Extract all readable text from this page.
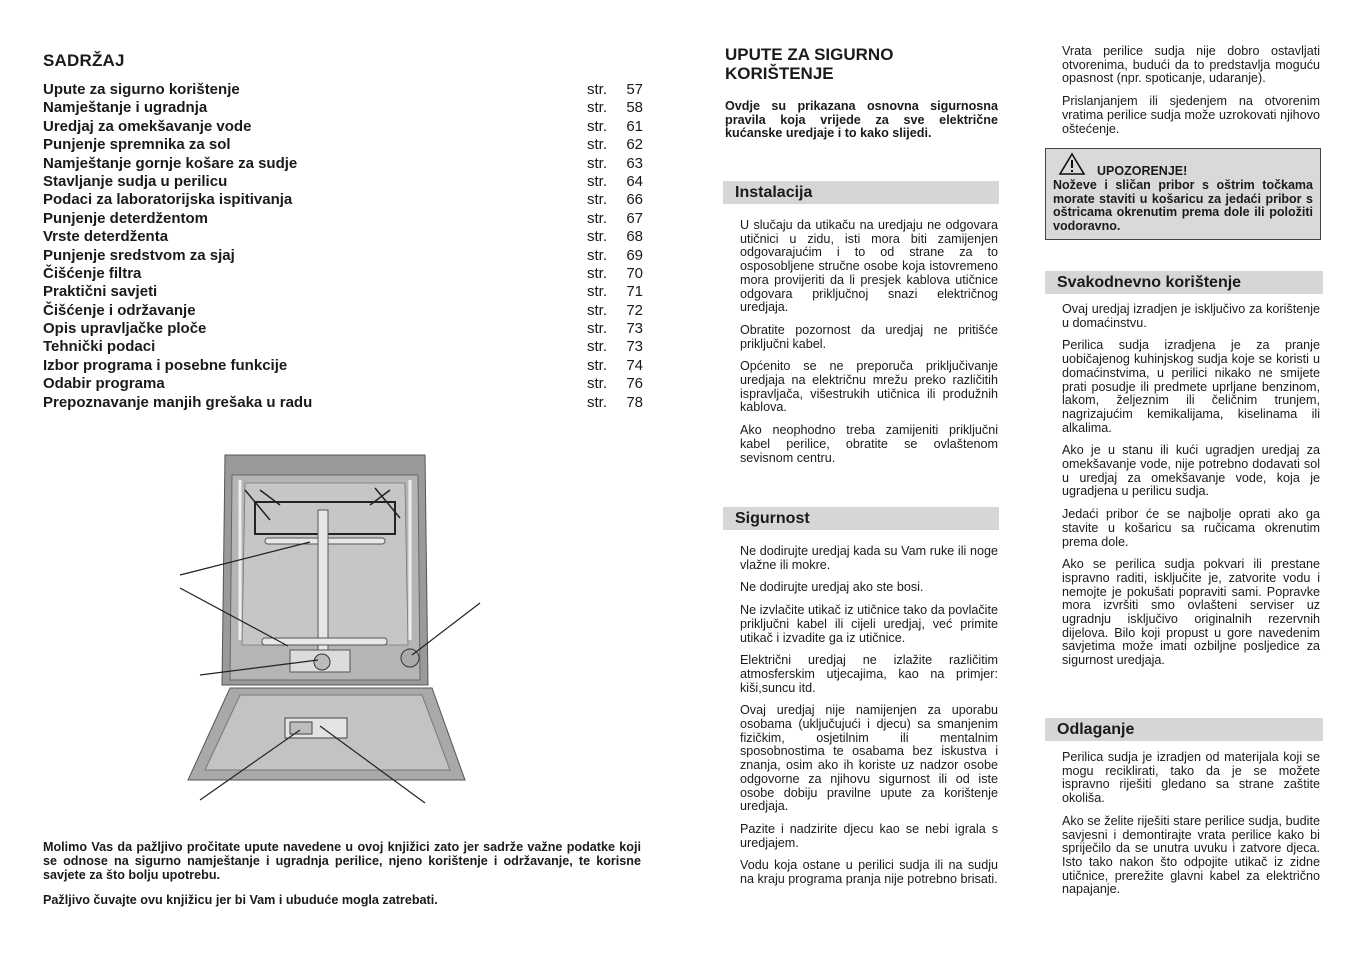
SADRŽAJ
Upute za sigurno korištenje	str.	57
Namještanje i ugradnja	str.	58
Uredjaj za omekšavanje vode	str.	61
Punjenje spremnika za sol	str.	62
Namještanje gornje košare za sudje	str.	63
Stavljanje sudja u perilicu	str.	64
Podaci za laboratorijska ispitivanja	str.	66
Punjenje deterdžentom	str.	67
Vrste deterdženta	str.	68
Punjenje sredstvom za sjaj	str.	69
Čišćenje filtra	str.	70
Praktični savjeti	str.	71
Čišćenje i održavanje	str.	72
Opis upravljačke ploče	str.	73
Tehnički podaci	str.	73
Izbor programa i posebne funkcije	str.	74
Odabir programa	str.	76
Prepoznavanje manjih grešaka u radu	str.	78

Molimo Vas da pažljivo pročitate upute navedene u ovoj knjižici zato jer sadrže važne podatke koji se odnose na sigurno namještanje i ugradnja perilice, njeno korištenje i održavanje, te korisne savjete za što bolju upotrebu.

Pažljivo čuvajte ovu knjižicu jer bi Vam i ubuduće mogla zatrebati.

UPUTE ZA SIGURNO
KORIŠTENJE
Ovdje su prikazana osnovna sigurnosna pravila koja vrijede za sve električne kućanske uredjaje i to kako slijedi.
Instalacija

U slučaju da utikaču na uredjaju ne odgovara utičnici u zidu, isti mora biti zamijenjen odgovarajućim i to od strane za to osposobljene stručne osobe koja istovremeno mora provijeriti da li presjek kablova utičnice odgovara priključnoj snazi električnog uredjaja.

Obratite pozornost da uredjaj ne pritišće priključni kabel.

Općenito se ne preporuča priključivanje uredjaja na električnu mrežu preko različitih ispravljača, višestrukih utičnica ili produžnih kablova.

Ako neophodno treba zamijeniti priključni kabel perilice, obratite se ovlaštenom sevisnom centru.

Sigurnost

Ne dodirujte uredjaj kada su Vam ruke ili noge vlažne ili mokre.

Ne dodirujte uredjaj ako ste bosi.

Ne izvlačite utikač iz utičnice tako da povlačite priključni kabel ili cijeli uredjaj, već primite utikač i izvadite ga iz utičnice.

Električni uredjaj ne izlažite različitim atmosferskim utjecajima, kao na primjer: kiši,suncu itd.

Ovaj uredjaj nije namijenjen za uporabu osobama (uključujući i djecu) sa smanjenim fizičkim, osjetilnim ili mentalnim sposobnostima te osabama bez iskustva i znanja, osim ako ih koriste uz nadzor osobe odgovorne za njihovu sigurnost ili od iste osobe dobiju pravilne upute za korištenje uredjaja.

Pazite i nadzirite djecu kao se nebi igrala s uredjajem.

Vodu koja ostane u perilici sudja ili na sudju na kraju programa pranja nije potrebno brisati.

Vrata perilice sudja nije dobro ostavljati otvorenima, budući da to predstavlja moguću opasnost (npr. spoticanje, udaranje).

Prislanjanjem ili sjedenjem na otvorenim vratima perilice sudja može uzrokovati njihovo oštećenje.

UPOZORENJE!
Noževe i sličan pribor s oštrim točkama morate staviti u košaricu za jedaći pribor s oštricama okrenutim prema dole ili položiti vodoravno.
Svakodnevno korištenje

Ovaj uredjaj izradjen je isključivo za korištenje u domaćinstvu.

Perilica sudja izradjena je za pranje uobičajenog kuhinjskog sudja koje se koristi u domaćinstvima, u perilici nikako ne smijete prati posudje ili predmete uprljane benzinom, lakom, željeznim ili čeličnim trunjem, nagrizajućim kemikalijama, kiselinama ili alkalima.

Ako je u stanu ili kući ugradjen uredjaj za omekšavanje vode, nije potrebno dodavati sol u uredjaj za omekšavanje vode, koja je ugradjena u perilicu sudja.

Jedaći pribor će se najbolje oprati ako ga stavite u košaricu sa ručicama okrenutim prema dole.

Ako se perilica sudja pokvari ili prestane ispravno raditi, isključite je, zatvorite vodu i nemojte je pokušati popraviti sami. Popravke mora izvršiti smo ovlašteni serviser uz ugradnju isključivo originalnih rezervnih dijelova. Bilo koji propust u gore navedenim savjetima može imati ozbiljne posljedice za sigurnost uredjaja.

Odlaganje

Perilica sudja je izradjen od materijala koji se mogu reciklirati, tako da je se možete ispravno riješiti gledano sa strane zaštite okoliša.

Ako se želite riješiti stare perilice sudja, budite savjesni i demontirajte vrata perilice kako bi spriječilo da se unutra uvuku i zatvore djeca. Isto tako nakon što odpojite utikač iz zidne utičnice, prerežite glavni kabel za električno napajanje.
